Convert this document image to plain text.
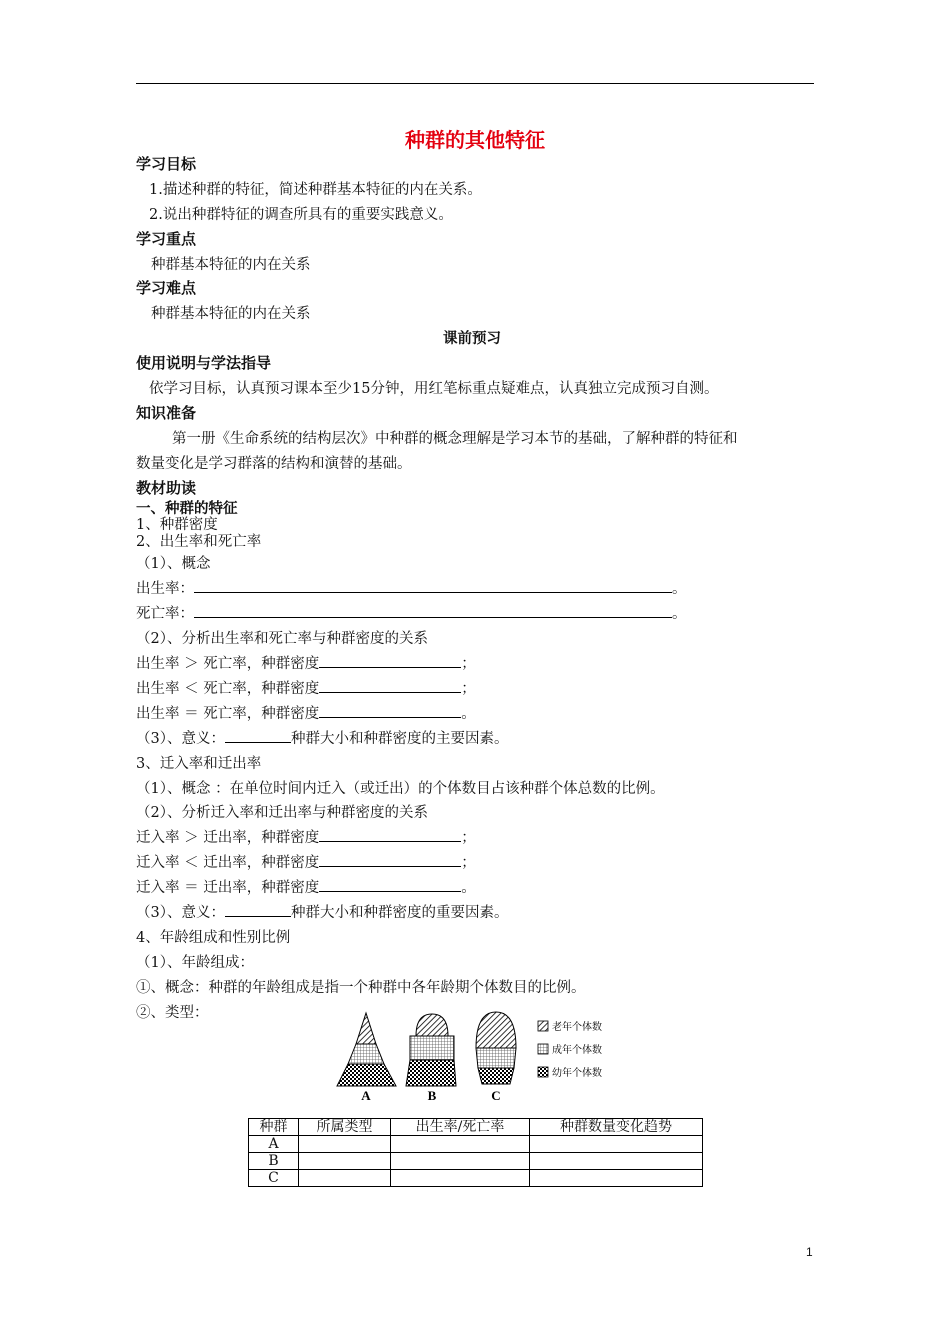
种群的其他特征
学习目标
1.描述种群的特征，简述种群基本特征的内在关系。
2.说出种群特征的调查所具有的重要实践意义。
学习重点
种群基本特征的内在关系
学习难点
种群基本特征的内在关系
课前预习
使用说明与学法指导
依学习目标，认真预习课本至少15分钟，用红笔标重点疑难点，认真独立完成预习自测。
知识准备
第一册《生命系统的结构层次》中种群的概念理解是学习本节的基础，了解种群的特征和
数量变化是学习群落的结构和演替的基础。
教材助读
一、种群的特征
1、种群密度
2、出生率和死亡率
（1）、概念
出生率：	。
死亡率：	。
（2）、分析出生率和死亡率与种群密度的关系
出生率 ＞ 死亡率，种群密度	；
出生率 ＜ 死亡率，种群密度	；
出生率 ＝ 死亡率，种群密度	。
（3）、意义：	种群大小和种群密度的主要因素。
3、迁入率和迁出率
（1）、概念 ：在单位时间内迁入（或迁出）的个体数目占该种群个体总数的比例。
（2）、分析迁入率和迁出率与种群密度的关系
迁入率 ＞ 迁出率，种群密度	；
迁入率 ＜ 迁出率，种群密度	；
迁入率 ＝ 迁出率，种群密度	。
（3）、意义：	种群大小和种群密度的重要因素。
4、年龄组成和性别比例
（1）、年龄组成：
①、概念：种群的年龄组成是指一个种群中各年龄期个体数目的比例。
②、类型：
老年个体数
成年个体数
幼年个体数
A	B	C
种群	所属类型	出生率/死亡率	种群数量变化趋势
A			
B			
C			
1
